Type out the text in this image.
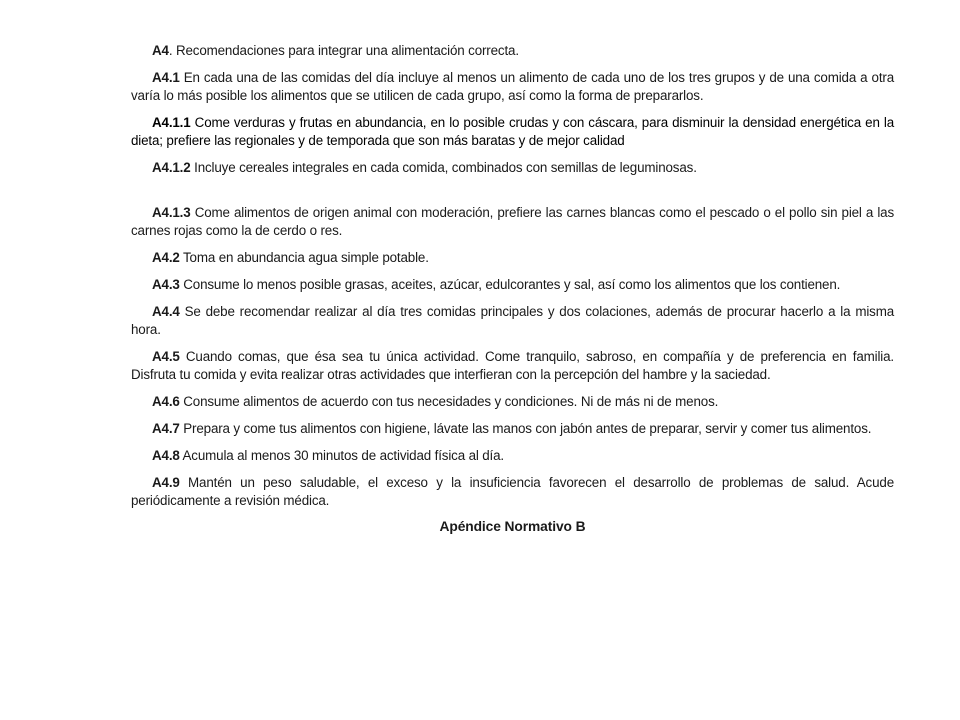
A4. Recomendaciones para integrar una alimentación correcta.

A4.1 En cada una de las comidas del día incluye al menos un alimento de cada uno de los tres grupos y de una comida a otra varía lo más posible los alimentos que se utilicen de cada grupo, así como la forma de prepararlos.

A4.1.1 Come verduras y frutas en abundancia, en lo posible crudas y con cáscara, para disminuir la densidad energética en la dieta; prefiere las regionales y de temporada que son más baratas y de mejor calidad

A4.1.2 Incluye cereales integrales en cada comida, combinados con semillas de leguminosas.

A4.1.3 Come alimentos de origen animal con moderación, prefiere las carnes blancas como el pescado o el pollo sin piel a las carnes rojas como la de cerdo o res.

A4.2 Toma en abundancia agua simple potable.

A4.3 Consume lo menos posible grasas, aceites, azúcar, edulcorantes y sal, así como los alimentos que los contienen.

A4.4 Se debe recomendar realizar al día tres comidas principales y dos colaciones, además de procurar hacerlo a la misma hora.

A4.5 Cuando comas, que ésa sea tu única actividad. Come tranquilo, sabroso, en compañía y de preferencia en familia. Disfruta tu comida y evita realizar otras actividades que interfieran con la percepción del hambre y la saciedad.

A4.6 Consume alimentos de acuerdo con tus necesidades y condiciones. Ni de más ni de menos.

A4.7 Prepara y come tus alimentos con higiene, lávate las manos con jabón antes de preparar, servir y comer tus alimentos.

A4.8 Acumula al menos 30 minutos de actividad física al día.

A4.9 Mantén un peso saludable, el exceso y la insuficiencia favorecen el desarrollo de problemas de salud. Acude periódicamente a revisión médica.

Apéndice Normativo B
